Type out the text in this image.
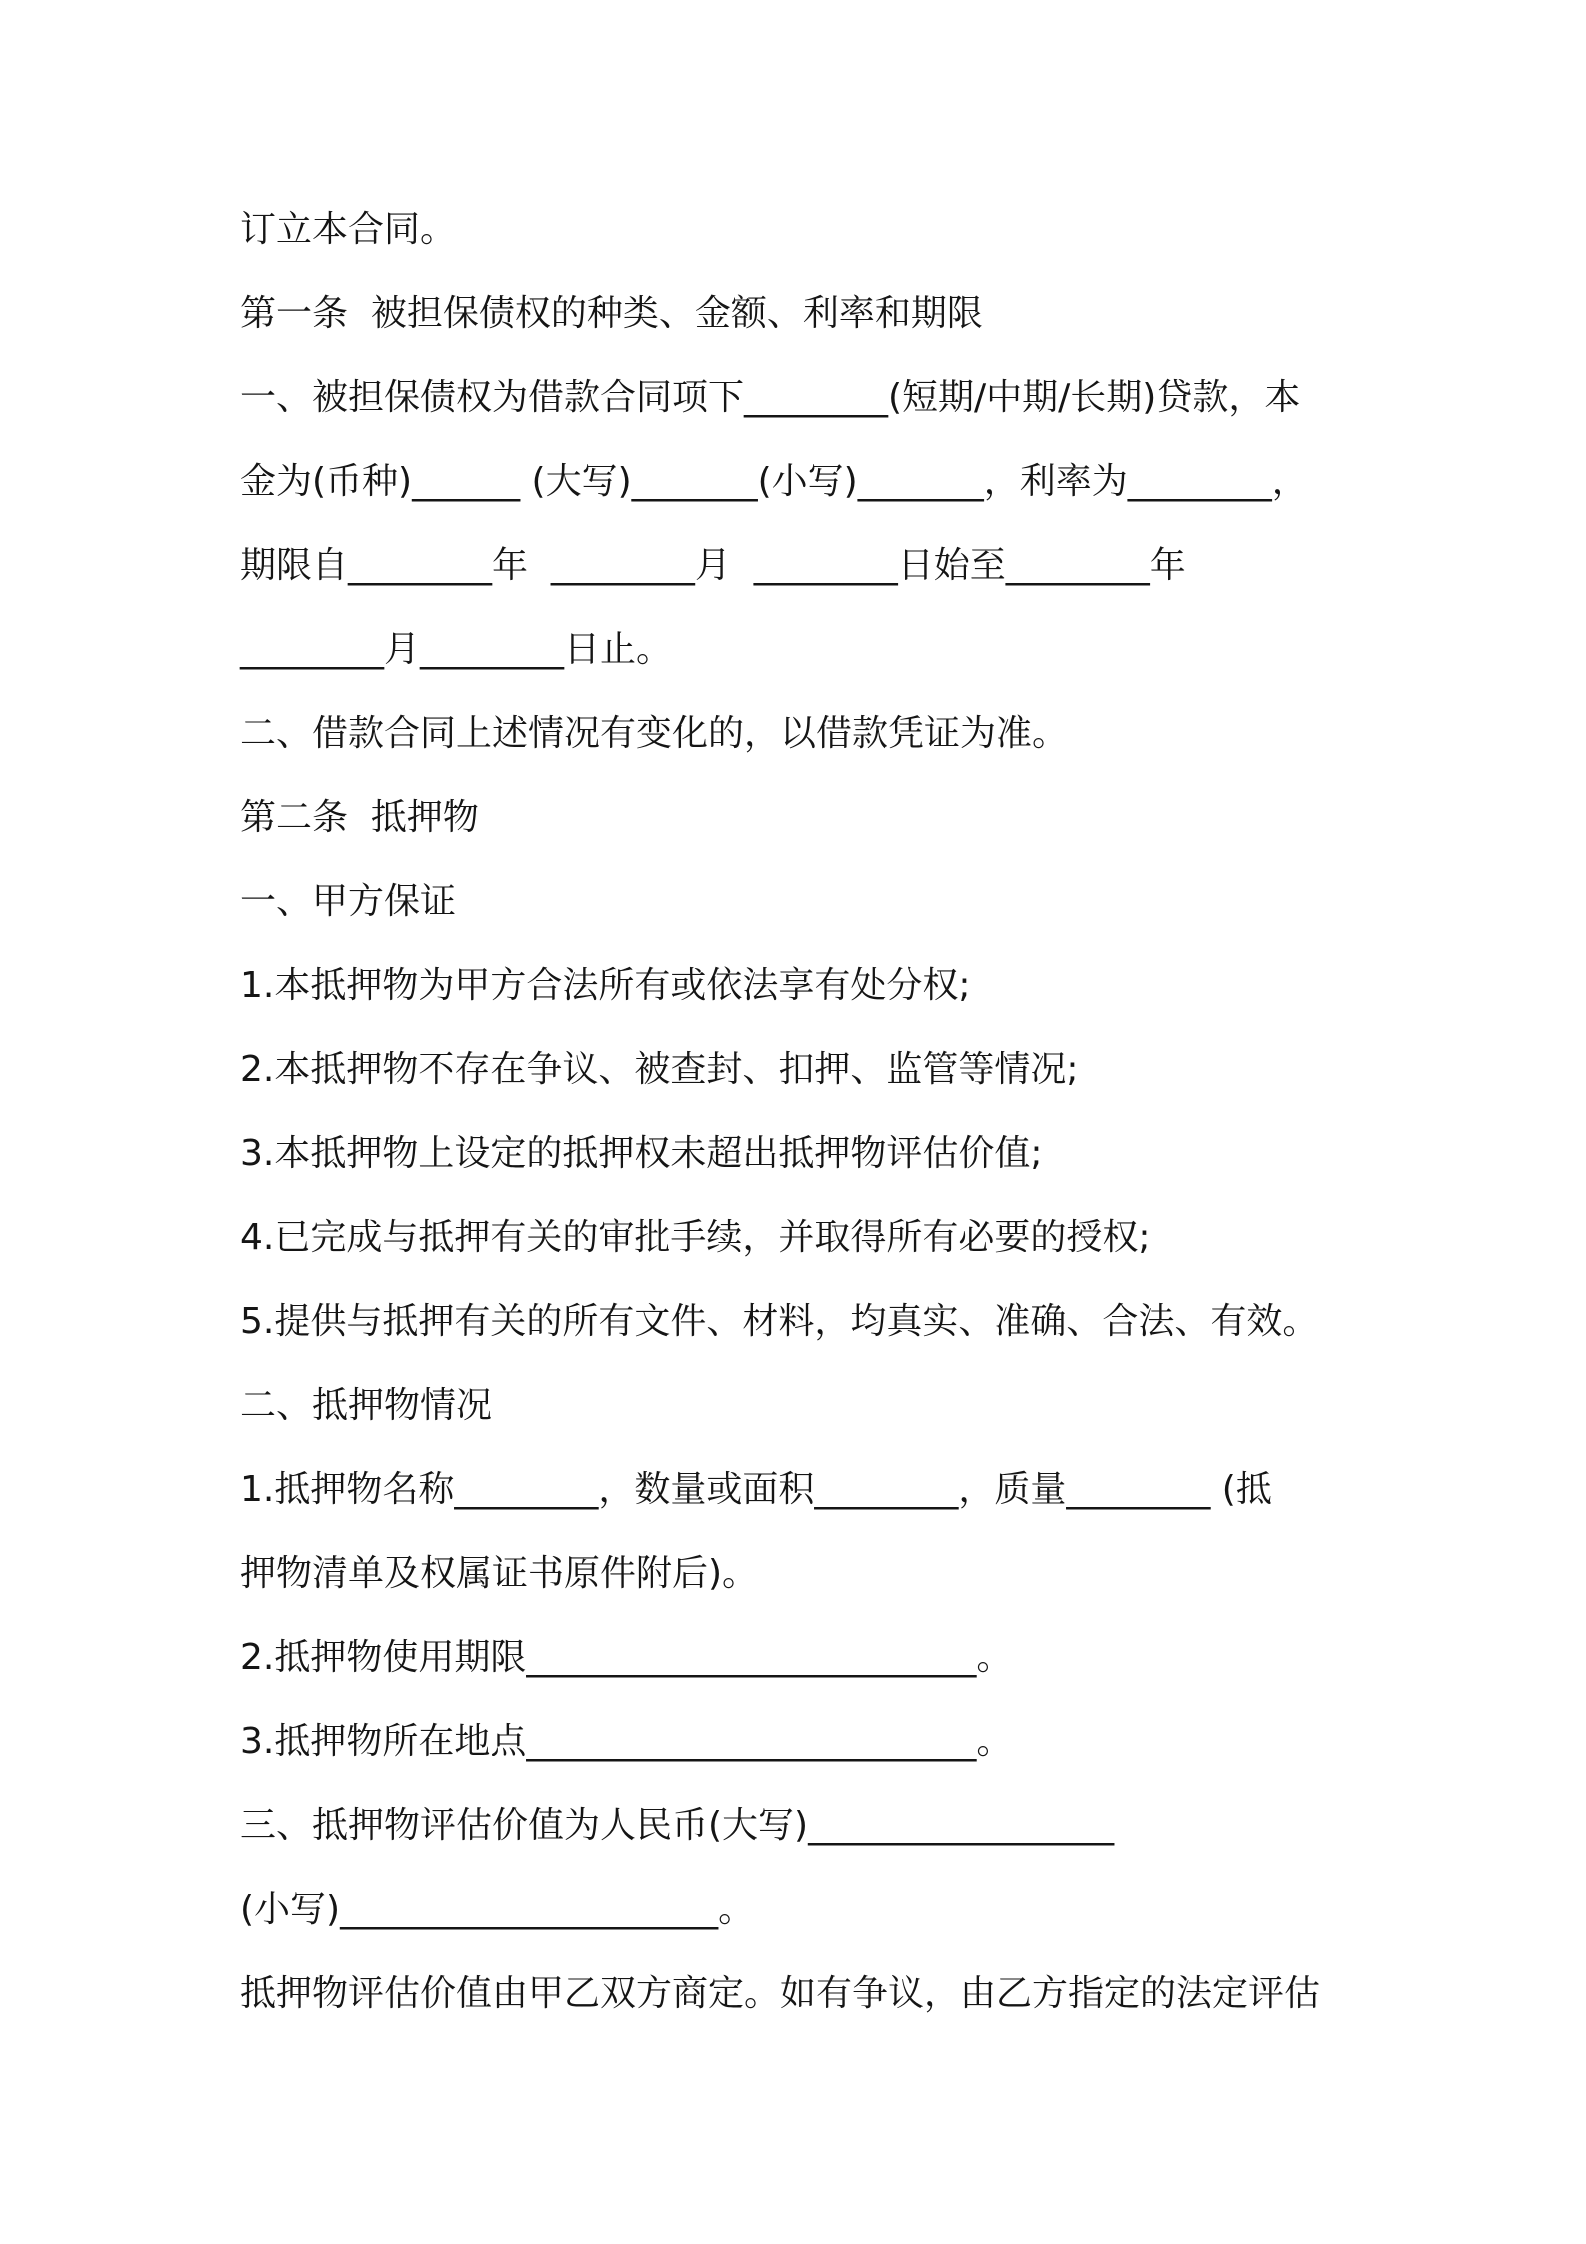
订立本合同。

第一条  被担保债权的种类、金额、利率和期限

一、被担保债权为借款合同项下________(短期/中期/长期)贷款，本

金为(币种)______ (大写)_______(小写)_______，利率为________，

期限自________年  ________月  ________日始至________年

________月________日止。

二、借款合同上述情况有变化的，以借款凭证为准。

第二条  抵押物

一、甲方保证

1.本抵押物为甲方合法所有或依法享有处分权;

2.本抵押物不存在争议、被查封、扣押、监管等情况;

3.本抵押物上设定的抵押权未超出抵押物评估价值;

4.已完成与抵押有关的审批手续，并取得所有必要的授权;

5.提供与抵押有关的所有文件、材料，均真实、准确、合法、有效。

二、抵押物情况

1.抵押物名称________，数量或面积________，质量________ (抵

押物清单及权属证书原件附后)。

2.抵押物使用期限_________________________。

3.抵押物所在地点_________________________。

三、抵押物评估价值为人民币(大写)_________________

(小写)_____________________。

抵押物评估价值由甲乙双方商定。如有争议，由乙方指定的法定评估
